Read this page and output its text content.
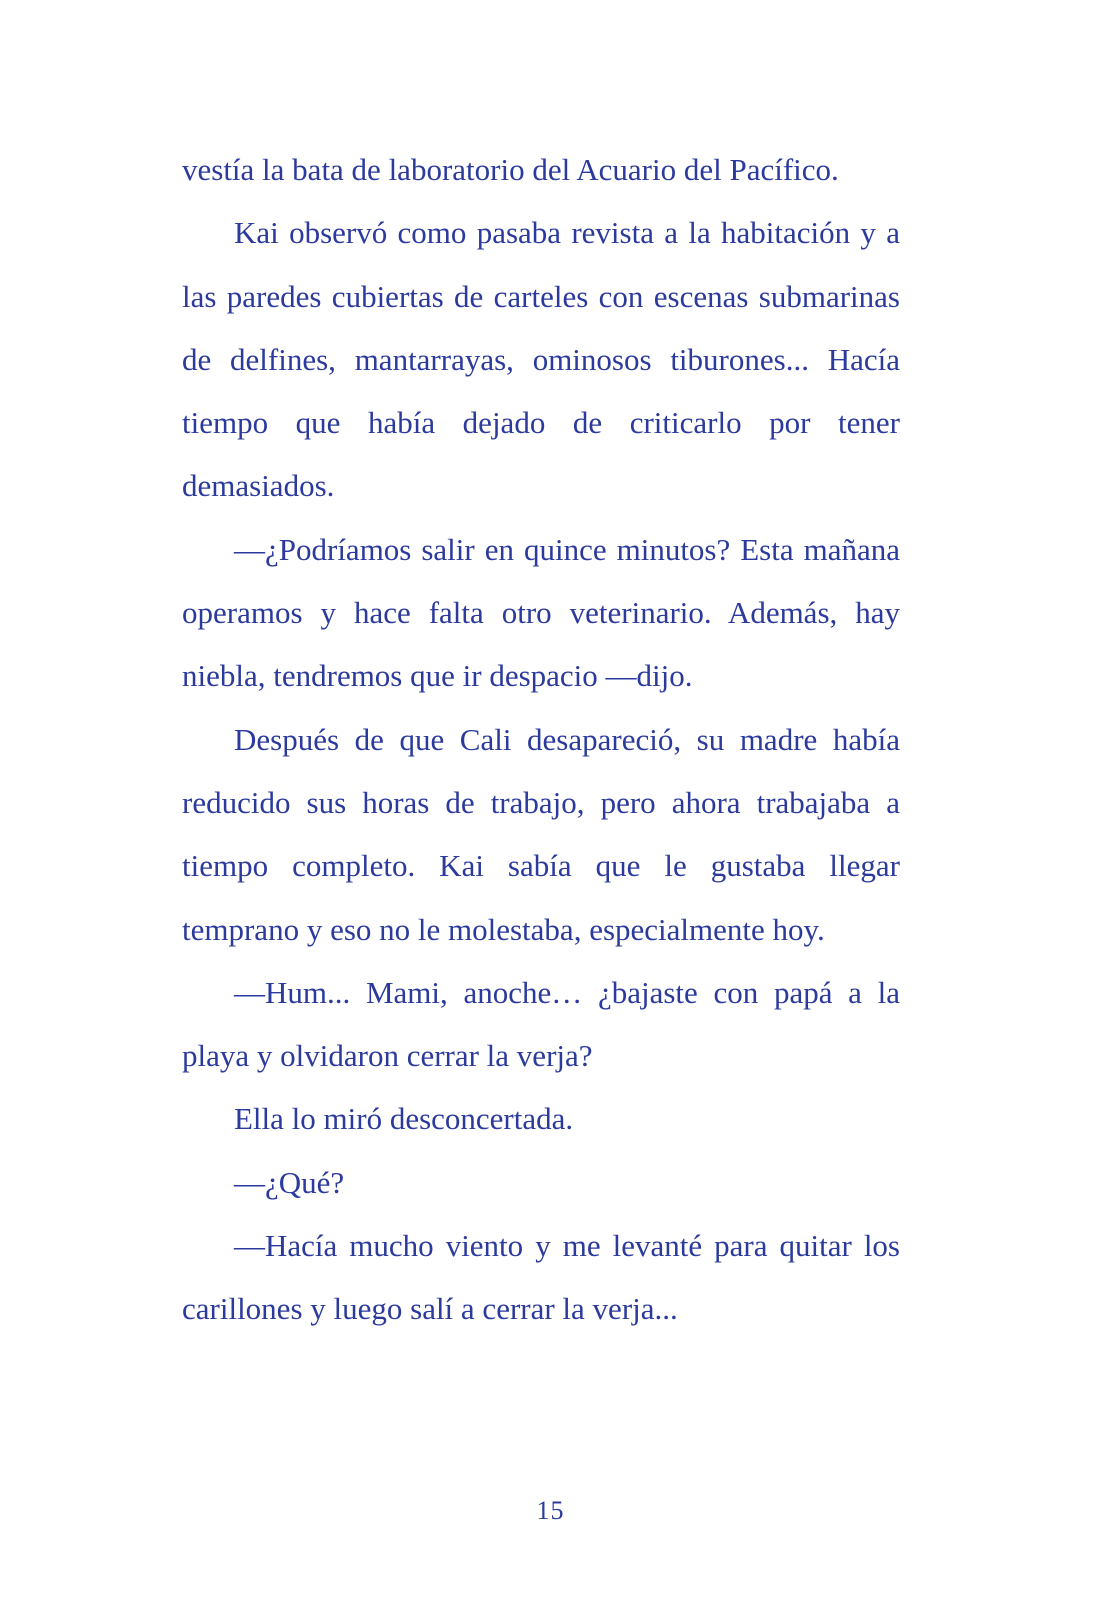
vestía la bata de laboratorio del Acuario del Pacífico.

Kai observó como pasaba revista a la habitación y a las paredes cubiertas de carteles con escenas submarinas de delfines, mantarrayas, ominosos tiburones... Hacía tiempo que había dejado de criticarlo por tener demasiados.

—¿Podríamos salir en quince minutos? Esta mañana operamos y hace falta otro veterinario. Además, hay niebla, tendremos que ir despacio —dijo.

Después de que Cali desapareció, su madre había reducido sus horas de trabajo, pero ahora trabajaba a tiempo completo. Kai sabía que le gustaba llegar temprano y eso no le molestaba, especialmente hoy.

—Hum... Mami, anoche… ¿bajaste con papá a la playa y olvidaron cerrar la verja?

Ella lo miró desconcertada.

—¿Qué?

—Hacía mucho viento y me levanté para quitar los carillones y luego salí a cerrar la verja...

15
